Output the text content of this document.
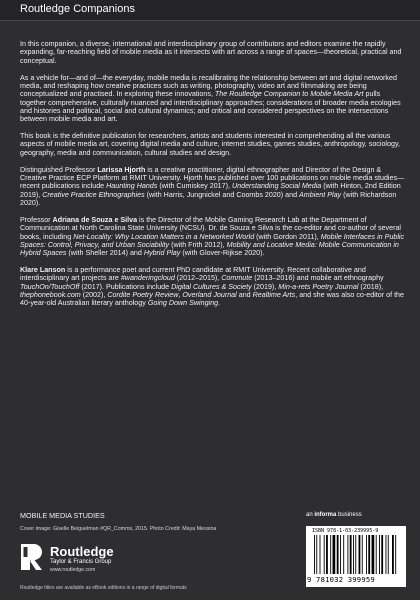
Routledge Companions

In this companion, a diverse, international and interdisciplinary group of contributors and editors examine the rapidly expanding, far-reaching field of mobile media as it intersects with art across a range of spaces—theoretical, practical and conceptual.

As a vehicle for—and of—the everyday, mobile media is recalibrating the relationship between art and digital networked media, and reshaping how creative practices such as writing, photography, video art and filmmaking are being conceptualized and practised. In exploring these innovations, The Routledge Companion to Mobile Media Art pulls together comprehensive, culturally nuanced and interdisciplinary approaches; considerations of broader media ecologies and histories and political, social and cultural dynamics; and critical and considered perspectives on the intersections between mobile media and art.

This book is the definitive publication for researchers, artists and students interested in comprehending all the various aspects of mobile media art, covering digital media and culture, internet studies, games studies, anthropology, sociology, geography, media and communication, cultural studies and design.

Distinguished Professor Larissa Hjorth is a creative practitioner, digital ethnographer and Director of the Design & Creative Practice ECP Platform at RMIT University. Hjorth has published over 100 publications on mobile media studies—recent publications include Haunting Hands (with Cumiskey 2017), Understanding Social Media (with Hinton, 2nd Edition 2019), Creative Practice Ethnographies (with Harris, Jungnickel and Coombs 2020) and Ambient Play (with Richardson 2020).

Professor Adriana de Souza e Silva is the Director of the Mobile Gaming Research Lab at the Department of Communication at North Carolina State University (NCSU). Dr. de Souza e Silva is the co-editor and co-author of several books, including Net-Locality: Why Location Matters in a Networked World (with Gordon 2011), Mobile Interfaces in Public Spaces: Control, Privacy, and Urban Sociability (with Frith 2012), Mobility and Locative Media: Mobile Communication in Hybrid Spaces (with Sheller 2014) and Hybrid Play (with Glover-Rijkse 2020).

Klare Lanson is a performance poet and current PhD candidate at RMIT University. Recent collaborative and interdisciplinary art projects are #wanderingcloud (2012–2015), Commute (2013–2016) and mobile art ethnography TouchOn/TouchOff (2017). Publications include Digital Cultures & Society (2019), Min-a-rets Poetry Journal (2018), thephonebook.com (2002), Cordite Poetry Review, Overland Journal and Realtime Arts, and she was also co-editor of the 40-year-old Australian literary anthology Going Down Swinging.

MOBILE MEDIA STUDIES
Cover image: Giselle Beiguelman #QR_Comms, 2015. Photo Credit: Maya Messina
Routledge
Taylor & Francis Group
www.routledge.com
Routledge titles are available as eBook editions in a range of digital formats
an informa business
ISBN 978-1-03-239995-9
9 781032 399959
